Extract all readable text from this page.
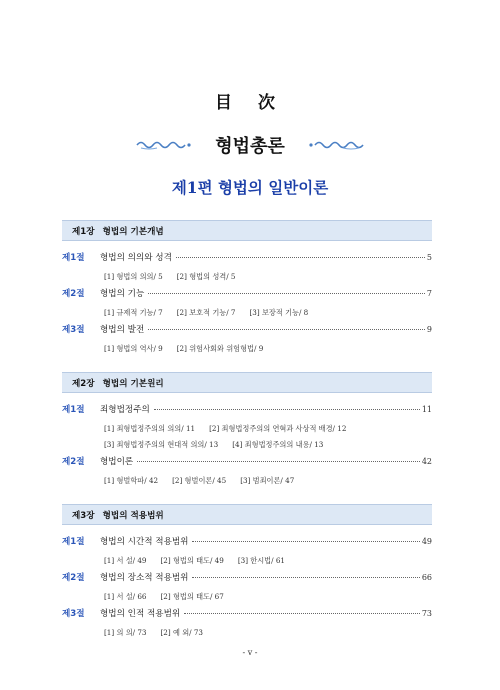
目 次
형법총론
제1편 형법의 일반이론
제1장 형법의 기본개념
제1절	형법의 의의와 성격	5
[1] 형법의 의의/ 5 [2] 형법의 성격/ 5
제2절	형법의 기능	7
[1] 규제적 기능/ 7 [2] 보호적 기능/ 7 [3] 보장적 기능/ 8
제3절	형법의 발전	9
[1] 형법의 역사/ 9 [2] 위험사회와 위험형법/ 9
제2장 형법의 기본원리
제1절	죄형법정주의	11
[1] 죄형법정주의의 의의/ 11 [2] 죄형법정주의의 연혁과 사상적 배경/ 12
[3] 죄형법정주의의 현대적 의의/ 13 [4] 죄형법정주의의 내용/ 13
제2절	형법이론	42
[1] 형벌학파/ 42 [2] 형벌이론/ 45 [3] 범죄이론/ 47
제3장 형법의 적용범위
제1절	형법의 시간적 적용범위	49
[1] 서 설/ 49 [2] 형법의 태도/ 49 [3] 한시법/ 61
제2절	형법의 장소적 적용범위	66
[1] 서 설/ 66 [2] 형법의 태도/ 67
제3절	형법의 인적 적용범위	73
[1] 의 의/ 73 [2] 예 외/ 73
- v -
